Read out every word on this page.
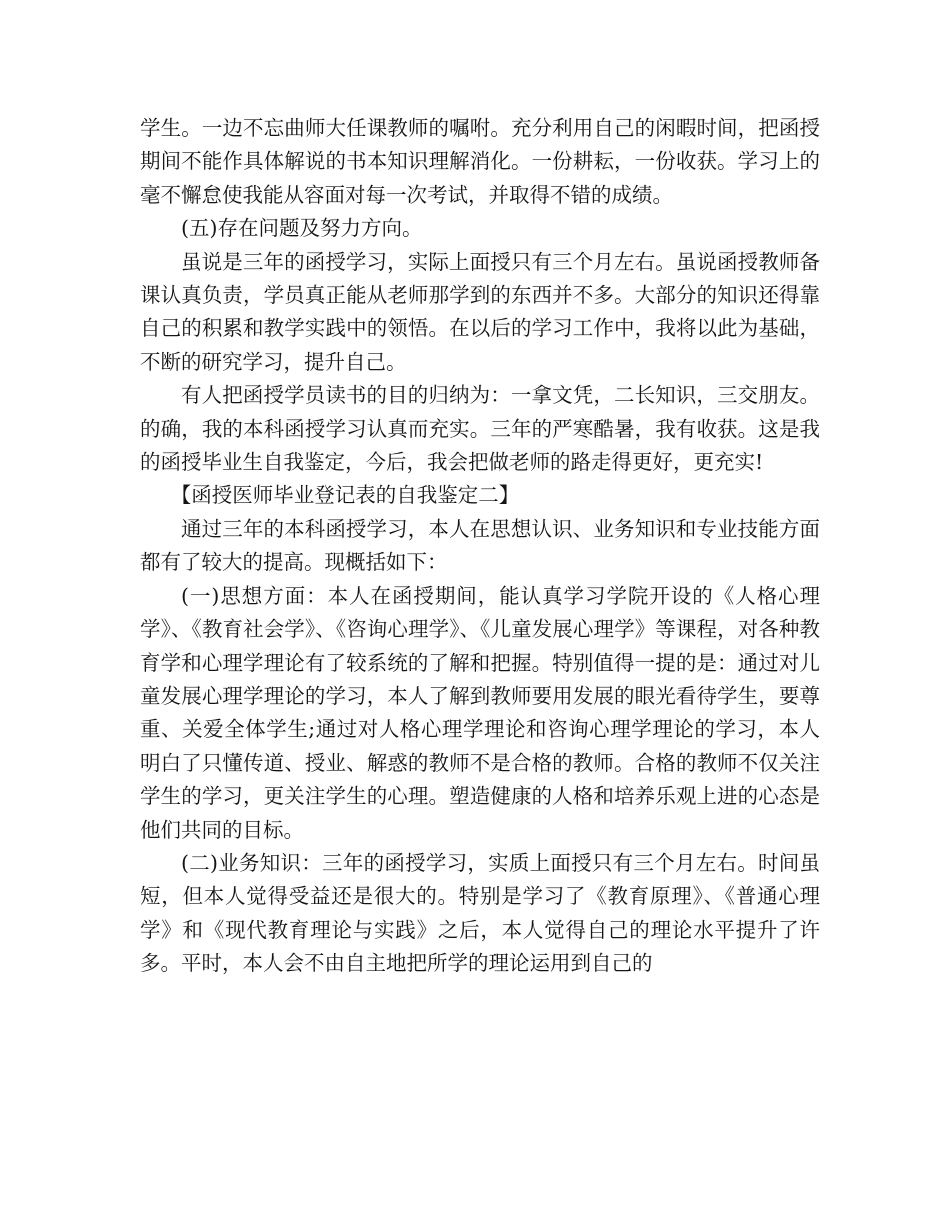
学生。一边不忘曲师大任课教师的嘱咐。充分利用自己的闲暇时间，把函授期间不能作具体解说的书本知识理解消化。一份耕耘，一份收获。学习上的毫不懈怠使我能从容面对每一次考试，并取得不错的成绩。

(五)存在问题及努力方向。

虽说是三年的函授学习，实际上面授只有三个月左右。虽说函授教师备课认真负责，学员真正能从老师那学到的东西并不多。大部分的知识还得靠自己的积累和教学实践中的领悟。在以后的学习工作中，我将以此为基础，不断的研究学习，提升自己。

有人把函授学员读书的目的归纳为：一拿文凭，二长知识，三交朋友。的确，我的本科函授学习认真而充实。三年的严寒酷暑，我有收获。这是我的函授毕业生自我鉴定，今后，我会把做老师的路走得更好，更充实!

【函授医师毕业登记表的自我鉴定二】

通过三年的本科函授学习，本人在思想认识、业务知识和专业技能方面都有了较大的提高。现概括如下：

(一)思想方面：本人在函授期间，能认真学习学院开设的《人格心理学》、《教育社会学》、《咨询心理学》、《儿童发展心理学》等课程，对各种教育学和心理学理论有了较系统的了解和把握。特别值得一提的是：通过对儿童发展心理学理论的学习，本人了解到教师要用发展的眼光看待学生，要尊重、关爱全体学生;通过对人格心理学理论和咨询心理学理论的学习，本人明白了只懂传道、授业、解惑的教师不是合格的教师。合格的教师不仅关注学生的学习，更关注学生的心理。塑造健康的人格和培养乐观上进的心态是他们共同的目标。

(二)业务知识：三年的函授学习，实质上面授只有三个月左右。时间虽短，但本人觉得受益还是很大的。特别是学习了《教育原理》、《普通心理学》和《现代教育理论与实践》之后，本人觉得自己的理论水平提升了许多。平时，本人会不由自主地把所学的理论运用到自己的
